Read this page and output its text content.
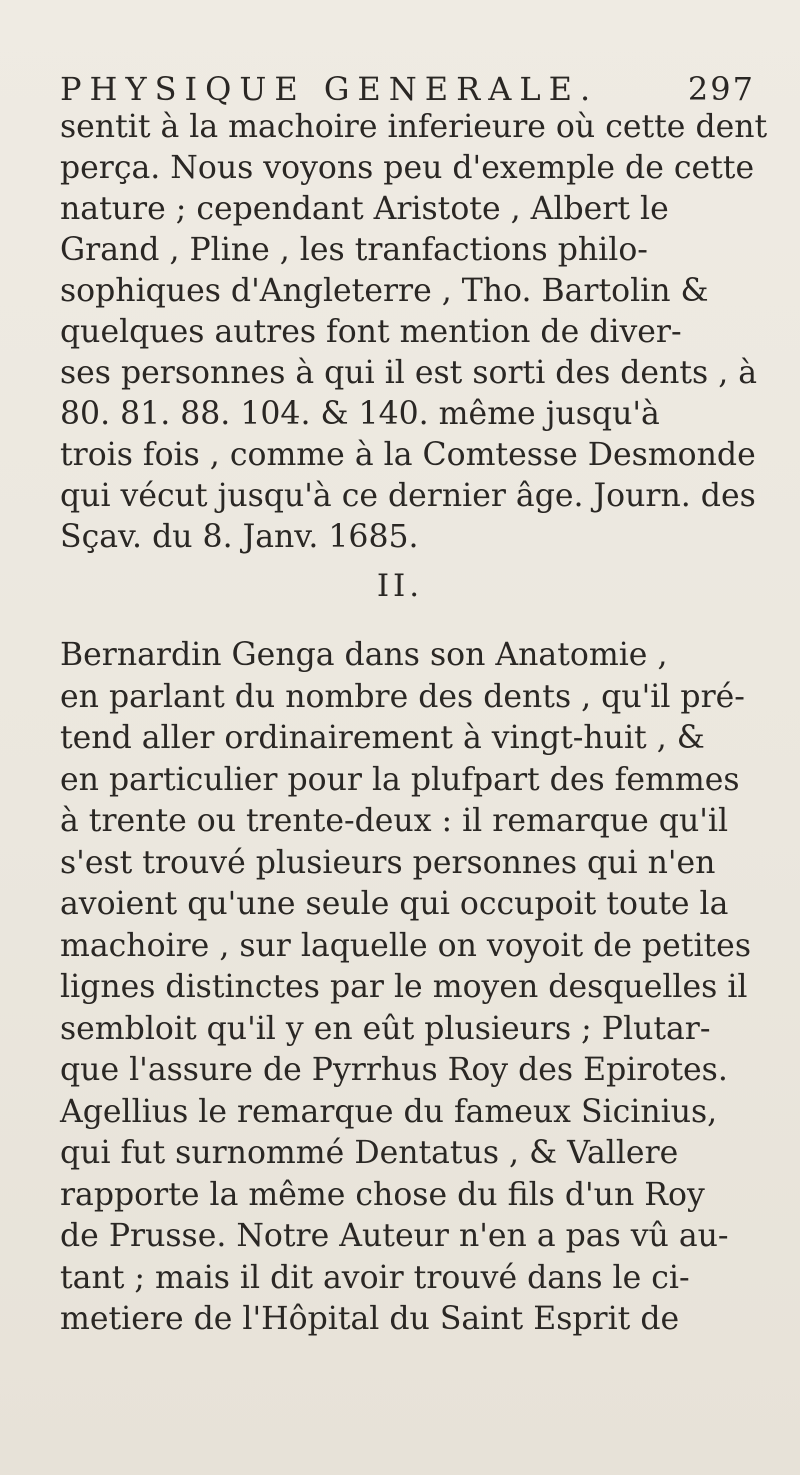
PHYSIQUE GENERALE.	297
sentit à la machoire inferieure où cette dent
perça. Nous voyons peu d'exemple de cette
nature ; cependant Aristote , Albert le
Grand , Pline , les tranfactions philo-
sophiques d'Angleterre , Tho. Bartolin &
quelques autres font mention de diver-
ses personnes à qui il est sorti des dents , à
80. 81. 88. 104. & 140. même jusqu'à
trois fois , comme à la Comtesse Desmonde
qui vécut jusqu'à ce dernier âge. Journ. des
Sçav. du 8. Janv. 1685.
II.
Bernardin Genga dans son Anatomie ,
en parlant du nombre des dents , qu'il pré-
tend aller ordinairement à vingt-huit , &
en particulier pour la plufpart des femmes
à trente ou trente-deux : il remarque qu'il
s'est trouvé plusieurs personnes qui n'en
avoient qu'une seule qui occupoit toute la
machoire , sur laquelle on voyoit de petites
lignes distinctes par le moyen desquelles il
sembloit qu'il y en eût plusieurs ; Plutar-
que l'assure de Pyrrhus Roy des Epirotes.
Agellius le remarque du fameux Sicinius,
qui fut surnommé Dentatus , & Vallere
rapporte la même chose du fils d'un Roy
de Prusse. Notre Auteur n'en a pas vû au-
tant ; mais il dit avoir trouvé dans le ci-
metiere de l'Hôpital du Saint Esprit de
